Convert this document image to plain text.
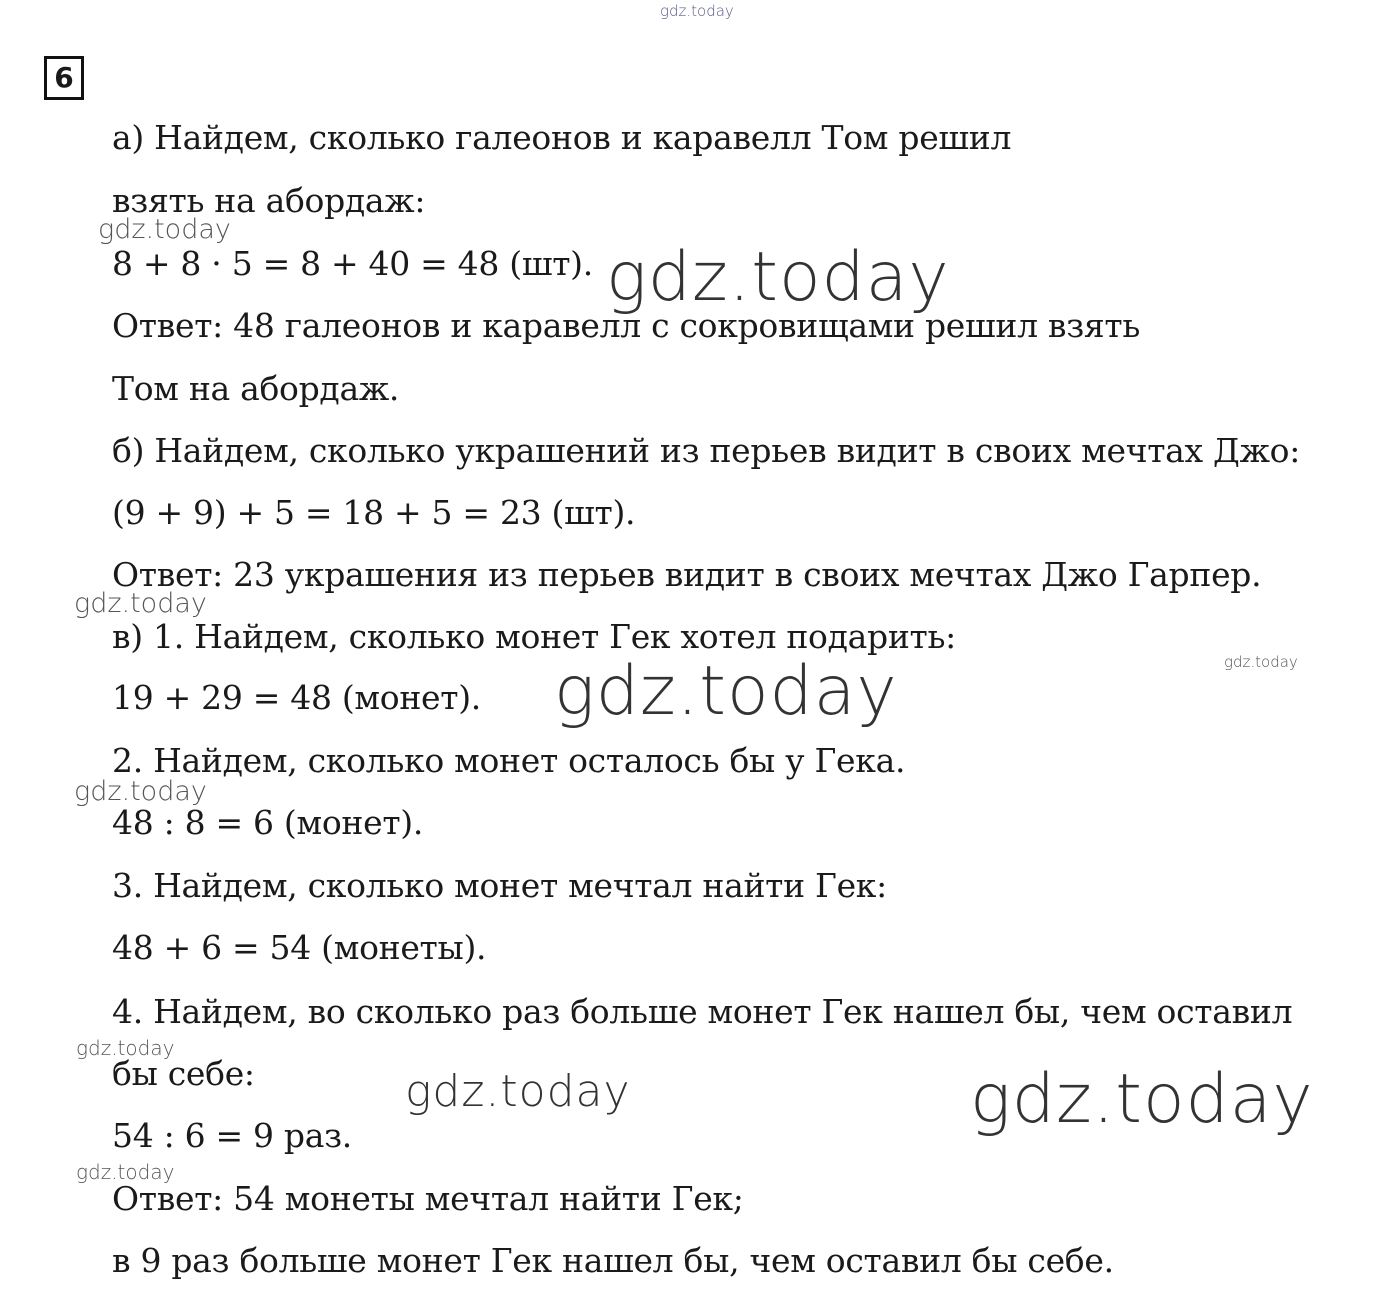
gdz.today
6
а) Найдем, сколько галеонов и каравелл Том решил
взять на абордаж:
8 + 8 · 5 = 8 + 40 = 48 (шт).
Ответ: 48 галеонов и каравелл с сокровищами решил взять
Том на абордаж.
б) Найдем, сколько украшений из перьев видит в своих мечтах Джо:
(9 + 9) + 5 = 18 + 5 = 23 (шт).
Ответ: 23 украшения из перьев видит в своих мечтах Джо Гарпер.
в) 1. Найдем, сколько монет Гек хотел подарить:
19 + 29 = 48 (монет).
2. Найдем, сколько монет осталось бы у Гека.
48 : 8 = 6 (монет).
3. Найдем, сколько монет мечтал найти Гек:
48 + 6 = 54 (монеты).
4. Найдем, во сколько раз больше монет Гек нашел бы, чем оставил
бы себе:
54 : 6 = 9 раз.
Ответ: 54 монеты мечтал найти Гек;
в 9 раз больше монет Гек нашел бы, чем оставил бы себе.
gdz.today
gdz.today
gdz.today
gdz.today
gdz.today
gdz.today
gdz.today
gdz.today	gdz.today
gdz.today
